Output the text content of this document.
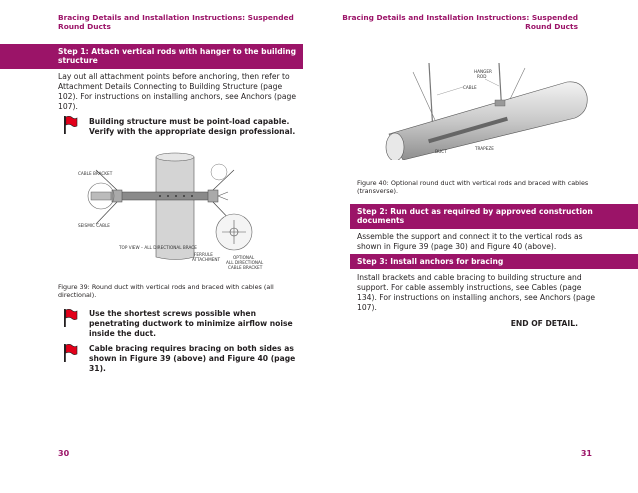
Bracing Details and Installation Instructions: Suspended Round Ducts
Step 1: Attach vertical rods with hanger to the building structure
Lay out all attachment points before anchoring, then refer to Attachment Details Connecting to Building Structure (page 102). For instructions on installing anchors, see Anchors (page 107).
Building structure must be point-load capable. Verify with the appropriate design professional.
CABLE BRACKET
SEISMIC CABLE
TOP VIEW – ALL DIRECTIONAL BRACE
FERRULE
ATTACHMENT	OPTIONAL
ALL DIRECTIONAL
CABLE BRACKET
Figure 39: Round duct with vertical rods and braced with cables (all directional).
Use the shortest screws possible when penetrating ductwork to minimize airflow noise inside the duct.
Cable bracing requires bracing on both sides as shown in Figure 39 (above) and Figure 40 (page 31).
30
Bracing Details and Installation Instructions: Suspended Round Ducts
HANGER
ROD
CABLE
DUCT
TRAPEZE
Figure 40: Optional round duct with vertical rods and braced with cables (transverse).
Step 2: Run duct as required by approved construction documents
Assemble the support and connect it to the vertical rods as shown in Figure 39 (page 30) and Figure 40 (above).
Step 3: Install anchors for bracing
Install brackets and cable bracing to building structure and support. For cable assembly instructions, see Cables (page 134). For instructions on installing anchors, see Anchors (page 107).
END OF DETAIL.
31
